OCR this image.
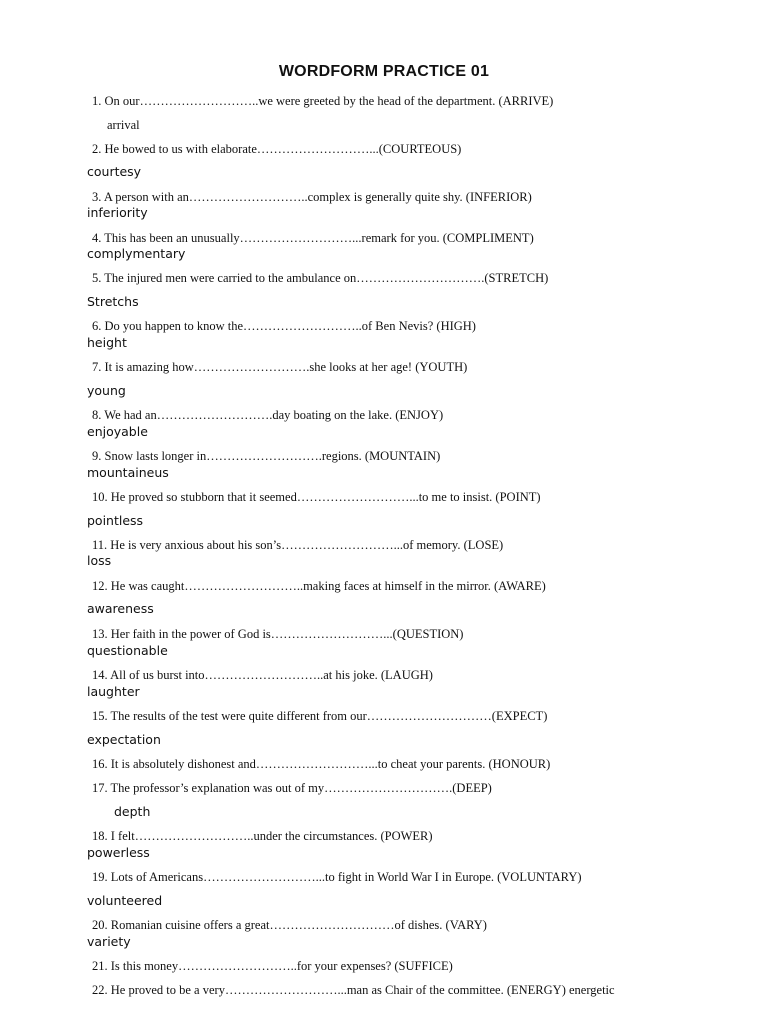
WORDFORM PRACTICE 01
1. On our………………………..we were greeted by the head of the department. (ARRIVE)
arrival
2. He bowed to us with elaborate………………………...(COURTEOUS)
courtesy
3. A person with an………………………..complex is generally quite shy. (INFERIOR)
inferiority
4. This has been an unusually………………………...remark for you. (COMPLIMENT)
complymentary
5. The injured men were carried to the ambulance on………………………….(STRETCH)
Stretchs
6. Do you happen to know the………………………..of Ben Nevis? (HIGH)
height
7. It is amazing how……………………….she looks at her age! (YOUTH)
young
8. We had an……………………….day boating on the lake. (ENJOY)
enjoyable
9. Snow lasts longer in……………………….regions. (MOUNTAIN)
mountaineus
10. He proved so stubborn that it seemed………………………...to me to insist. (POINT)
pointless
11. He is very anxious about his son’s………………………...of memory. (LOSE)
loss
12. He was caught………………………..making faces at himself in the mirror. (AWARE)
awareness
13. Her faith in the power of God is………………………...(QUESTION)
questionable
14. All of us burst into………………………..at his joke. (LAUGH)
laughter
15. The results of the test were quite different from our…………………………(EXPECT)
expectation
16. It is absolutely dishonest and………………………...to cheat your parents. (HONOUR)
17. The professor’s explanation was out of my………………………….(DEEP)
depth
18. I felt………………………..under the circumstances. (POWER)
powerless
19. Lots of Americans………………………...to fight in World War I in Europe. (VOLUNTARY)
volunteered
20. Romanian cuisine offers a great…………………………of dishes. (VARY)
variety
21. Is this money………………………..for your expenses? (SUFFICE)
22. He proved to be a very………………………...man as Chair of the committee. (ENERGY) energetic
